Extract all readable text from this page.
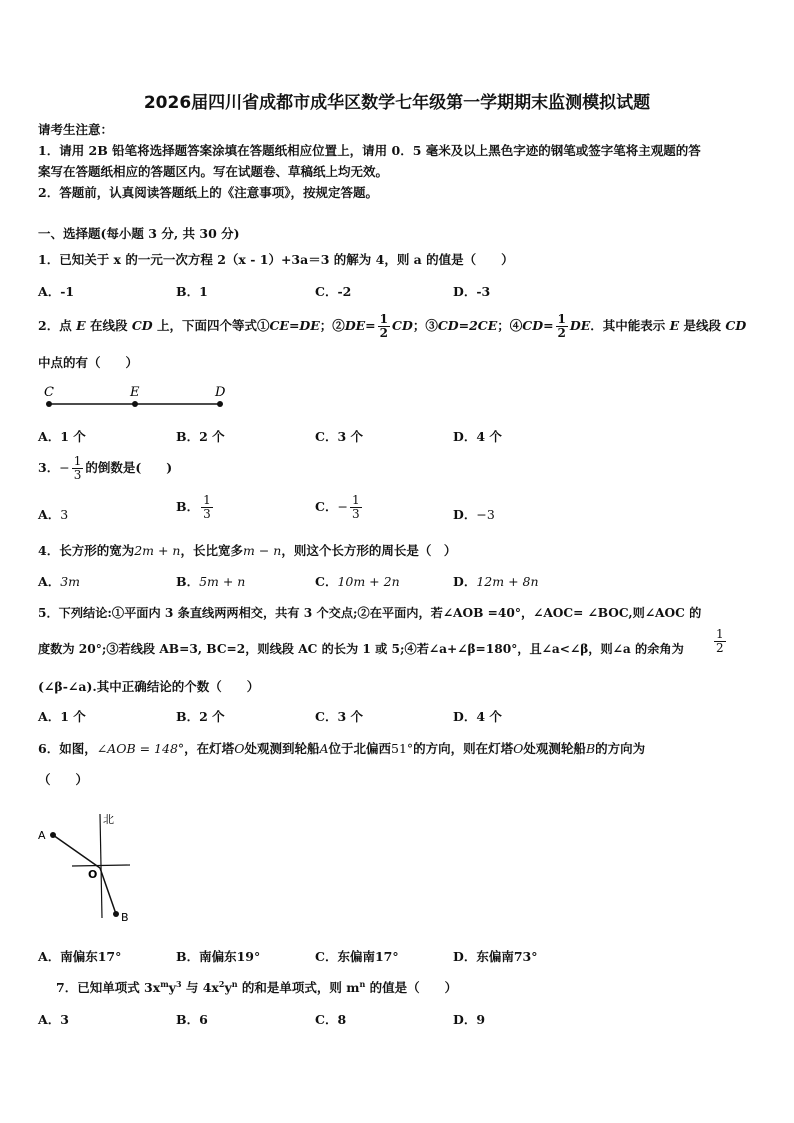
2026届四川省成都市成华区数学七年级第一学期期末监测模拟试题
请考生注意：
1．请用 2B 铅笔将选择题答案涂填在答题纸相应位置上，请用 0．5 毫米及以上黑色字迹的钢笔或签字笔将主观题的答
案写在答题纸相应的答题区内。写在试题卷、草稿纸上均无效。
2．答题前，认真阅读答题纸上的《注意事项》，按规定答题。
一、选择题(每小题 3 分, 共 30 分)
1．已知关于 x 的一元一次方程 2（x - 1）+3a＝3 的解为 4，则 a 的值是（　　）
A．-1	B．1	C．-2	D．-3
2．点 E 在线段 CD 上，下面四个等式①CE=DE；②DE= $\frac{1}{2}$ CD；③CD=2CE；④CD= $\frac{1}{2}$ DE．其中能表示 E 是线段 CD
中点的有（　　）
C	E	D
A．1 个	B．2 个	C．3 个	D．4 个
3．− $\frac{1}{3}$ 的倒数是(　　)
A．3
B． $\frac{1}{3}$	C．− $\frac{1}{3}$	D．−3
4．长方形的宽为2m + n，长比宽多m − n，则这个长方形的周长是（　）
A．3m	B．5m + n	C．10m + 2n	D．12m + 8n
5．下列结论:①平面内 3 条直线两两相交，共有 3 个交点;②在平面内，若∠AOB =40°，∠AOC= ∠BOC,则∠AOC 的
度数为 20°;③若线段 AB=3, BC=2，则线段 AC 的长为 1 或 5;④若∠a+∠β=180°，且∠a<∠β，则∠a 的余角为	$\frac{1}{2}$
(∠β-∠a).其中正确结论的个数（　　）
A．1 个	B．2 个	C．3 个	D．4 个
6．如图，∠AOB = 148°，在灯塔O处观测到轮船A位于北偏西51°的方向，则在灯塔O处观测轮船B的方向为
（　　）
北
A
O
B
A．南偏东17°	B．南偏东19°	C．东偏南17°	D．东偏南73°
7．已知单项式 $3x^my^3$ 与 $4x^2y^n$ 的和是单项式，则 $m^n$ 的值是（　　）
A．3	B．6	C．8	D．9
